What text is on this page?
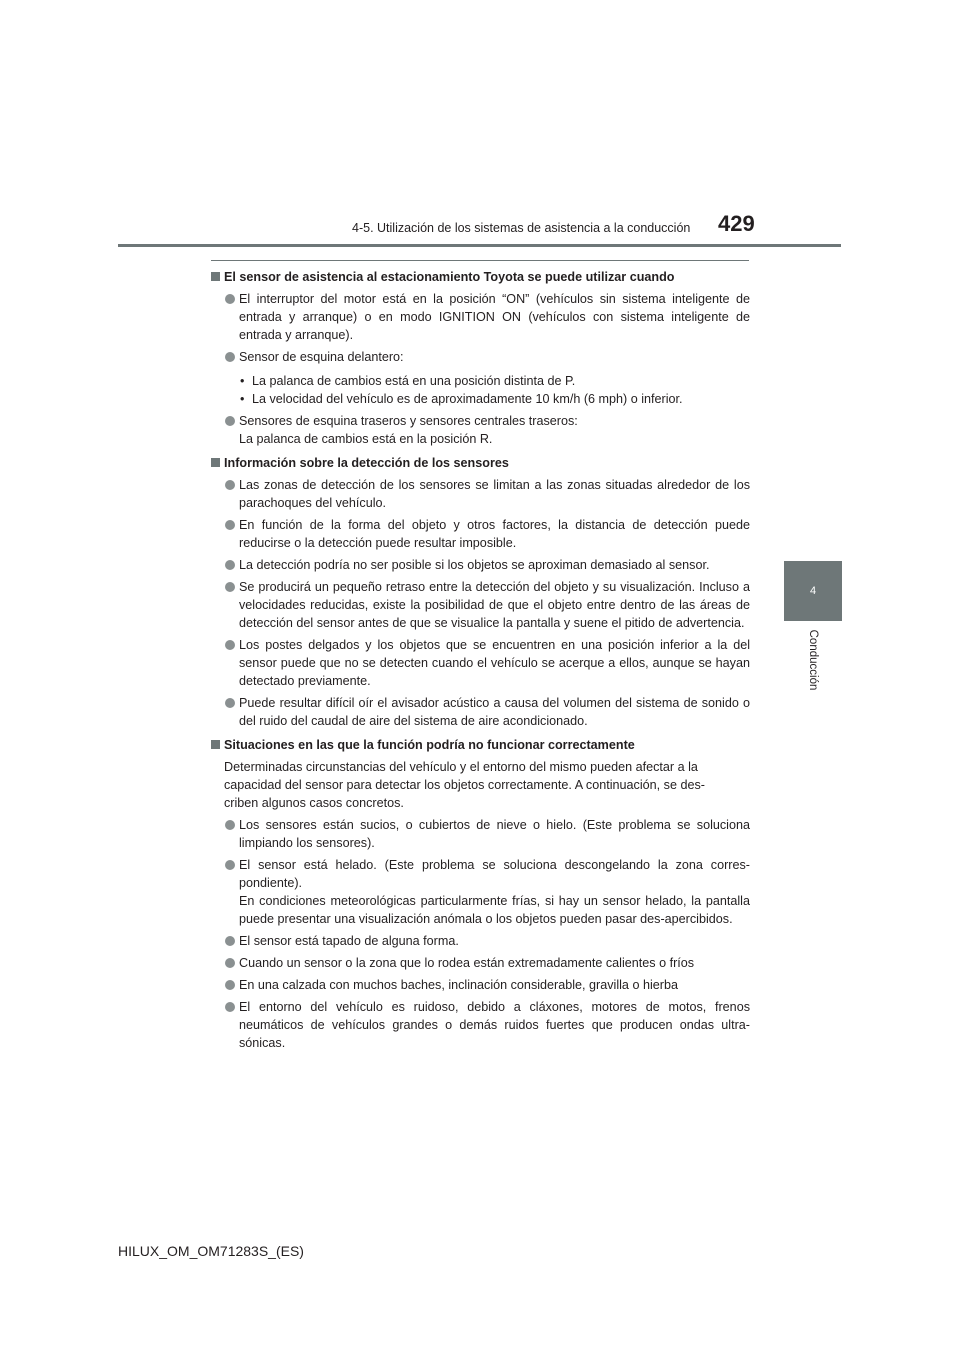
4-5. Utilización de los sistemas de asistencia a la conducción	429
4
Conducción
El sensor de asistencia al estacionamiento Toyota se puede utilizar cuando
El interruptor del motor está en la posición “ON” (vehículos sin sistema inteligente de entrada y arranque) o en modo IGNITION ON (vehículos con sistema inteligente de entrada y arranque).
Sensor de esquina delantero:
• La palanca de cambios está en una posición distinta de P.
• La velocidad del vehículo es de aproximadamente 10 km/h (6 mph) o inferior.
Sensores de esquina traseros y sensores centrales traseros:
La palanca de cambios está en la posición R.
Información sobre la detección de los sensores
Las zonas de detección de los sensores se limitan a las zonas situadas alrededor de los parachoques del vehículo.
En función de la forma del objeto y otros factores, la distancia de detección puede reducirse o la detección puede resultar imposible.
La detección podría no ser posible si los objetos se aproximan demasiado al sensor.
Se producirá un pequeño retraso entre la detección del objeto y su visualización. Incluso a velocidades reducidas, existe la posibilidad de que el objeto entre dentro de las áreas de detección del sensor antes de que se visualice la pantalla y suene el pitido de advertencia.
Los postes delgados y los objetos que se encuentren en una posición inferior a la del sensor puede que no se detecten cuando el vehículo se acerque a ellos, aunque se hayan detectado previamente.
Puede resultar difícil oír el avisador acústico a causa del volumen del sistema de sonido o del ruido del caudal de aire del sistema de aire acondicionado.
Situaciones en las que la función podría no funcionar correctamente
Determinadas circunstancias del vehículo y el entorno del mismo pueden afectar a la
capacidad del sensor para detectar los objetos correctamente. A continuación, se des-
criben algunos casos concretos.
Los sensores están sucios, o cubiertos de nieve o hielo. (Este problema se soluciona limpiando los sensores).
El sensor está helado. (Este problema se soluciona descongelando la zona corres-pondiente).
En condiciones meteorológicas particularmente frías, si hay un sensor helado, la pantalla puede presentar una visualización anómala o los objetos pueden pasar des-apercibidos.
El sensor está tapado de alguna forma.
Cuando un sensor o la zona que lo rodea están extremadamente calientes o fríos
En una calzada con muchos baches, inclinación considerable, gravilla o hierba
El entorno del vehículo es ruidoso, debido a cláxones, motores de motos, frenos neumáticos de vehículos grandes o demás ruidos fuertes que producen ondas ultra-sónicas.
HILUX_OM_OM71283S_(ES)
